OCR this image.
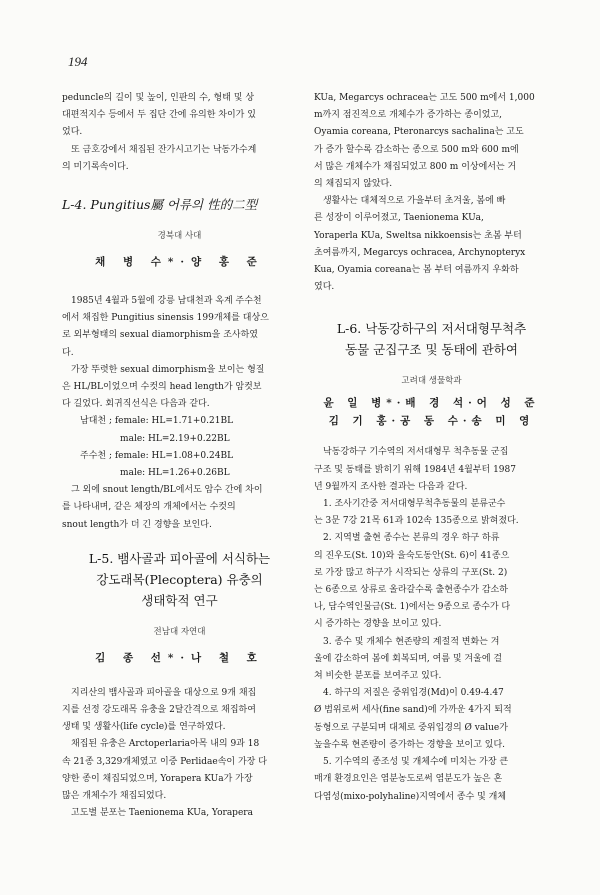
194

peduncle의 길이 및 높이, 인판의 수, 형태 및 상

대편적지수 등에서 두 집단 간에 유의한 차이가 있

었다.

또 금호강에서 채집된 잔가시고기는 낙동가수계

의 미기록속이다.

L-4. Pungitius屬 어류의 性的二型

경북대 사대

채 병 수*·양 홍 준

1985년 4월과 5월에 강릉 남대천과 옥계 주수천

에서 채집한 Pungitius sinensis 199개체를 대상으

로 외부형태의 sexual diamorphism을 조사하였

다.

가장 뚜렷한 sexual dimorphism을 보이는 형질

은 HL/BL이었으며 수컷의 head length가 암컷보

다 길었다. 회귀직선식은 다음과 같다.

남대천 ; female: HL=1.71+0.21BL

male: HL=2.19+0.22BL

주수천 ; female: HL=1.08+0.24BL

male: HL=1.26+0.26BL

그 외에 snout length/BL에서도 암수 간에 차이

를 나타내며, 같은 체장의 개체에서는 수컷의

snout length가 더 긴 경향을 보인다.

L-5. 뱀사골과 피아골에 서식하는

강도래목(Plecoptera) 유충의

생태학적 연구

전남대 자연대

김 종 선*·나 철 호

지리산의 뱀사골과 피아골을 대상으로 9개 채집

지를 선정 강도래목 유충을 2달간격으로 채집하여

생태 및 생활사(life cycle)를 연구하였다.

채집된 유충은 Arctoperlaria아목 내의 9과 18

속 21종 3,329개체였고 이중 Perlidae속이 가장 다

양한 종이 채집되었으며, Yorapera KUa가 가장

많은 개체수가 채집되었다.

고도별 분포는 Taenionema KUa, Yorapera

KUa, Megarcys ochracea는 고도 500 m에서 1,000

m까지 점진적으로 개체수가 증가하는 종이었고,

Oyamia coreana, Pteronarcys sachalina는 고도

가 증가 할수록 감소하는 종으로 500 m와 600 m에

서 많은 개체수가 채집되었고 800 m 이상에서는 거

의 채집되지 않았다.

생활사는 대체적으로 가을부터 초겨울, 봄에 빠

른 성장이 이루어졌고, Taenionema KUa,

Yoraperla KUa, Sweltsa nikkoensis는 초봄 부터

초여름까지, Megarcys ochracea, Archynopteryx

Kua, Oyamia coreana는 봄 부터 여름까지 우화하

였다.

L-6. 낙동강하구의 저서대형무척추

동물 군집구조 및 동태에 관하여

고려대 생물학과

윤 일 병*·배 경 석·어 성 준

김 기 홍·공 동 수·송 미 영

낙동강하구 기수역의 저서대형무 척추동물 군집

구조 및 동태를 밝히기 위해 1984년 4월부터 1987

년 9월까지 조사한 결과는 다음과 같다.

1. 조사기간중 저서대형무척추동물의 분류군수

는 3문 7강 21목 61과 102속 135종으로 밝혀졌다.

2. 지역별 출현 종수는 본류의 경우 하구 하류

의 진우도(St. 10)와 을숙도동안(St. 6)이 41종으

로 가장 많고 하구가 시작되는 상류의 구포(St. 2)

는 6종으로 상류로 올라갈수록 출현종수가 감소하

나, 담수역인물금(St. 1)에서는 9종으로 종수가 다

시 증가하는 경향을 보이고 있다.

3. 종수 및 개체수 현존량의 계절적 변화는 겨

울에 감소하여 봄에 회복되며, 여름 및 겨울에 걸

쳐 비슷한 분포를 보여주고 있다.

4. 하구의 저질은 중위입경(Md)이 0.49-4.47

Ø 범위로써 세사(fine sand)에 가까운 4가지 퇴적

동형으로 구분되며 대체로 중위입경의 Ø value가

높을수록 현존량이 증가하는 경향을 보이고 있다.

5. 기수역의 종조성 및 개체수에 미치는 가장 큰

매개 환경요인은 염분농도로써 염분도가 높은 혼

다염성(mixo-polyhaline)지역에서 종수 및 개체
